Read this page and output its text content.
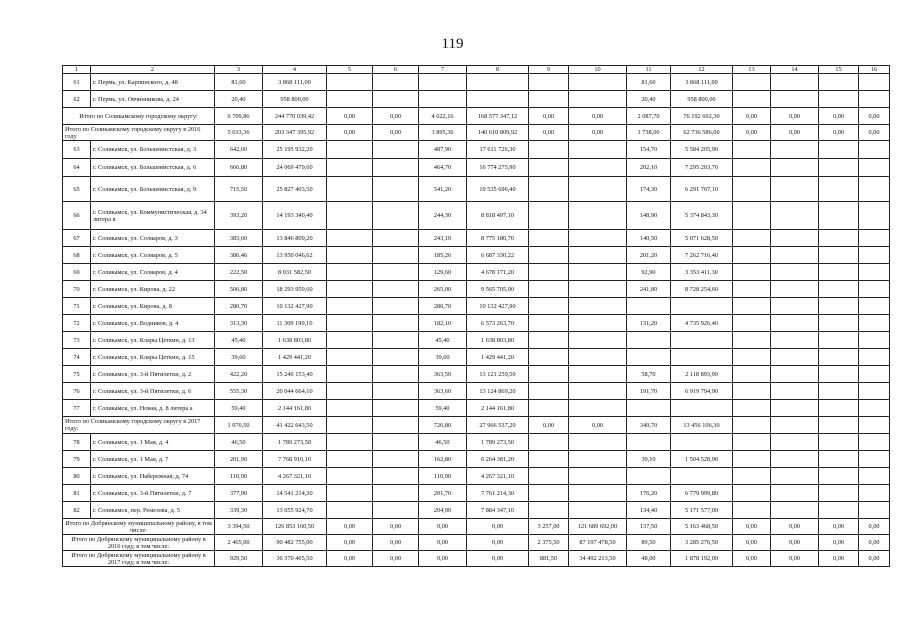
119
1	2	3	4	5	6	7	8	9	10	11	12	13	14	15	16
61	г. Пермь, ул. Карпинского, д. 48	81,60	3 868 111,00							81,60	3 868 111,00				
62	г. Пермь, ул. Овчинникова, д. 24	20,40	958 800,00							20,40	958 800,00				
Итого по Соликамскому городскому округу:		6 709,86	244 770 039,42	0,00	0,00	4 622,16	168 577 347,12	0,00	0,00	2 087,70	76 192 692,30	0,00	0,00	0,00	0,00
Итого по Соликамскому городскому округу в 2016 году		5 633,36	203 347 395,92	0,00	0,00	3 895,36	140 610 809,92	0,00	0,00	1 738,00	62 736 586,00	0,00	0,00	0,00	0,00
63	г. Соликамск, ул. Большевистская, д. 3	642,60	25 195 932,20			487,90	17 611 726,30			154,70	5 584 205,90				
64	г. Соликамск, ул. Большевистская, д. 6	666,80	24 069 479,60			464,70	16 774 275,90			202,10	7 295 203,70				
65	г. Соликамск, ул. Большевистская, д. 9	715,50	25 827 403,50			541,20	19 535 696,40			174,30	6 291 707,10				
66	г. Соликамск, ул. Коммунистическая, д. 34 литера в	393,20	14 193 340,40			244,30	8 818 497,10			148,90	5 374 843,30				
67	г. Соликамск, ул. Соляаров, д. 3	383,60	13 846 809,20			243,10	8 775 180,70			140,50	5 071 628,50				
68	г. Соликамск, ул. Соляаров, д. 5	386,46	13 950 046,62			185,26	6 687 330,22			201,20	7 262 716,40				
69	г. Соликамск, ул. Соляаров, д. 4	222,50	8 031 582,50			129,60	4 678 171,20			92,90	3 353 411,30				
70	г. Соликамск, ул. Кирова, д. 22	506,80	18 293 959,60			265,00	9 565 705,00			241,80	8 728 254,60				
71	г. Соликамск, ул. Кирова, д. 8	280,70	10 132 427,90			280,70	10 132 427,90								
72	г. Соликамск, ул. Водников, д. 4	313,30	11 309 190,10			182,10	6 573 263,70			131,20	4 735 926,40				
73	г. Соликамск, ул. Клары Цеткин, д. 13	45,40	1 638 803,80			45,40	1 638 803,80								
74	г. Соликамск, ул. Клары Цеткин, д. 15	39,60	1 429 441,20			39,60	1 429 441,20								
75	г. Соликамск, ул. 3-й Пятилетки, д. 2	422,20	15 240 153,40			363,50	13 121 259,50			58,70	2 118 893,90				
76	г. Соликамск, ул. 3-й Пятилетки, д. 6	555,30	20 044 664,10			363,60	13 124 869,20			191,70	6 919 794,90				
77	г. Соликамск, ул. Новая, д. 8 литера а	59,40	2 144 161,80			59,40	2 144 161,80								
Итого по Соликамскому городскому округу в 2017 году:		1 076,50	41 422 643,50			726,80	27 966 537,20	0,00	0,00	349,70	13 456 106,30				
78	г. Соликамск, ул. 1 Мая, д. 4	46,50	1 789 273,50			46,50	1 789 273,50								
79	г. Соликамск, ул. 1 Мая, д. 7	201,90	7 768 910,10			162,80	6 264 381,20			39,10	1 504 528,90				
80	г. Соликамск, ул. Набережная, д. 74	110,90	4 267 321,10			110,90	4 267 321,10								
81	г. Соликамск, ул. 3-й Пятилетки, д. 7	377,90	14 541 214,30			201,70	7 761 214,30			176,20	6 779 999,80				
82	г. Соликамск, пер. Ремезова, д. 5	339,30	13 055 924,70			204,90	7 884 347,10			134,40	5 171 577,00				
Итого по Добрянскому муниципальному району, в том числе:		3 394,50	126 853 160,50	0,00	0,00	0,00	0,00	3 257,00	121 689 692,00	137,50	5 163 468,50	0,00	0,00	0,00	0,00
Итого по Добрянскому муниципальному району в 2016 году, в том числе:		2 465,00	90 482 755,00	0,00	0,00	0,00	0,00	2 375,50	87 197 478,50	89,50	3 285 276,50	0,00	0,00	0,00	0,00
Итого по Добрянскому муниципальному району в 2017 году, в том числе:		929,50	36 370 405,50	0,00	0,00	0,00	0,00	881,50	34 492 213,50	48,00	1 878 192,00	0,00	0,00	0,00	0,00
